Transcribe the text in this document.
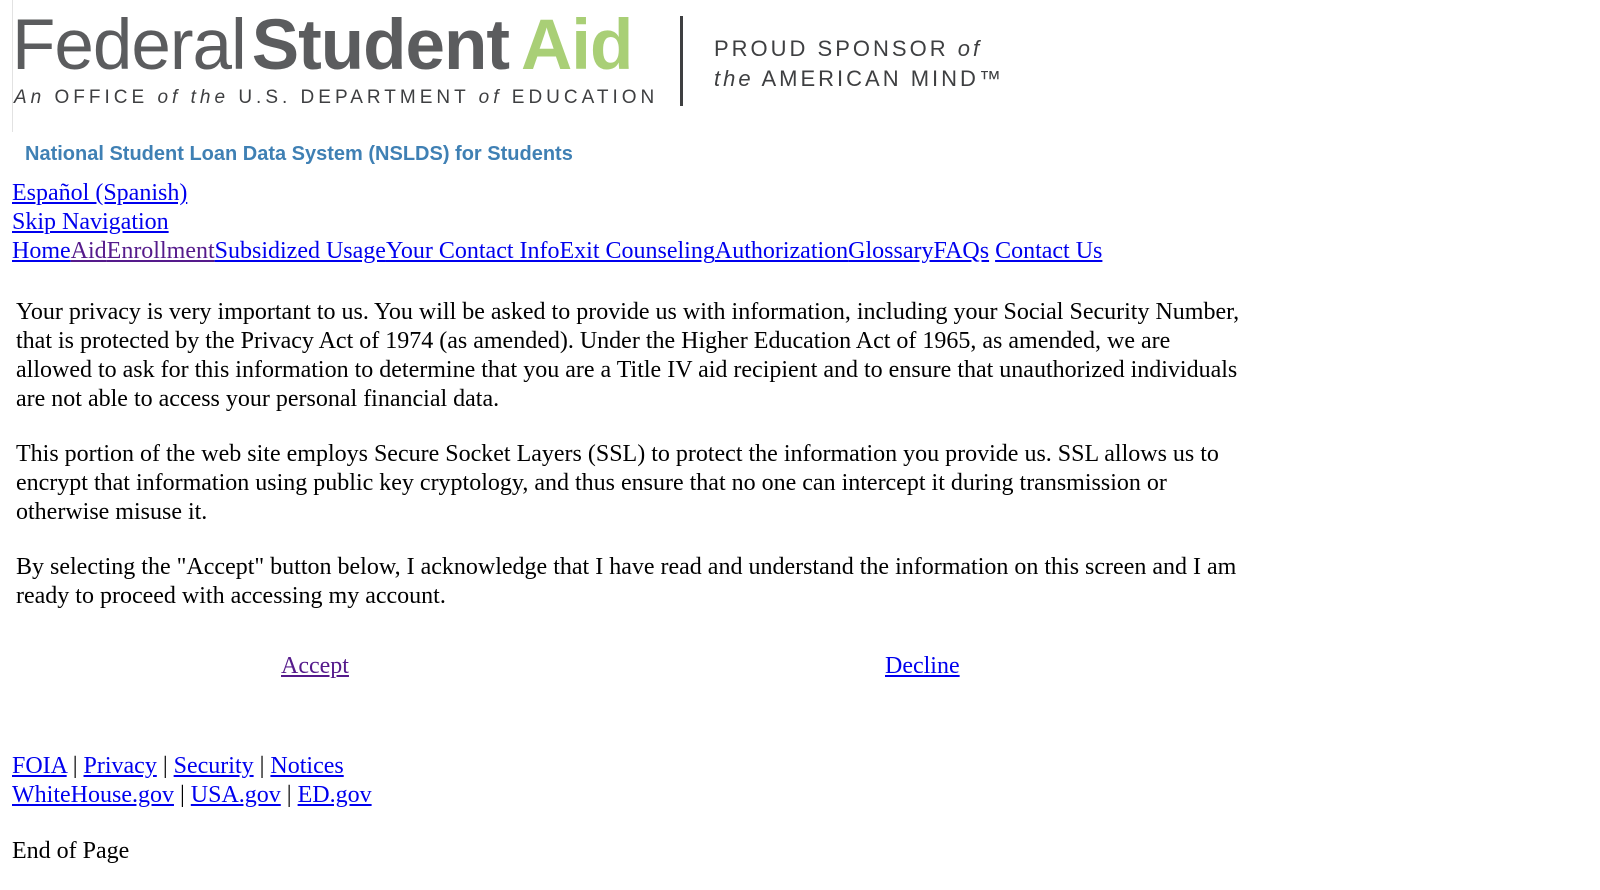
FederalStudent Aid
An OFFICE of the U.S. DEPARTMENT of EDUCATION
PROUD SPONSOR of
the AMERICAN MIND™
National Student Loan Data System (NSLDS) for Students
Español (Spanish)
Skip Navigation
HomeAidEnrollmentSubsidized UsageYour Contact InfoExit CounselingAuthorizationGlossaryFAQs Contact Us

Your privacy is very important to us. You will be asked to provide us with information, including your Social Security Number, that is protected by the Privacy Act of 1974 (as amended). Under the Higher Education Act of 1965, as amended, we are allowed to ask for this information to determine that you are a Title IV aid recipient and to ensure that unauthorized individuals are not able to access your personal financial data.

This portion of the web site employs Secure Socket Layers (SSL) to protect the information you provide us. SSL allows us to encrypt that information using public key cryptology, and thus ensure that no one can intercept it during transmission or otherwise misuse it.

By selecting the "Accept" button below, I acknowledge that I have read and understand the information on this screen and I am ready to proceed with accessing my account.

Accept	Decline
FOIA | Privacy | Security | Notices
WhiteHouse.gov | USA.gov | ED.gov
End of Page
